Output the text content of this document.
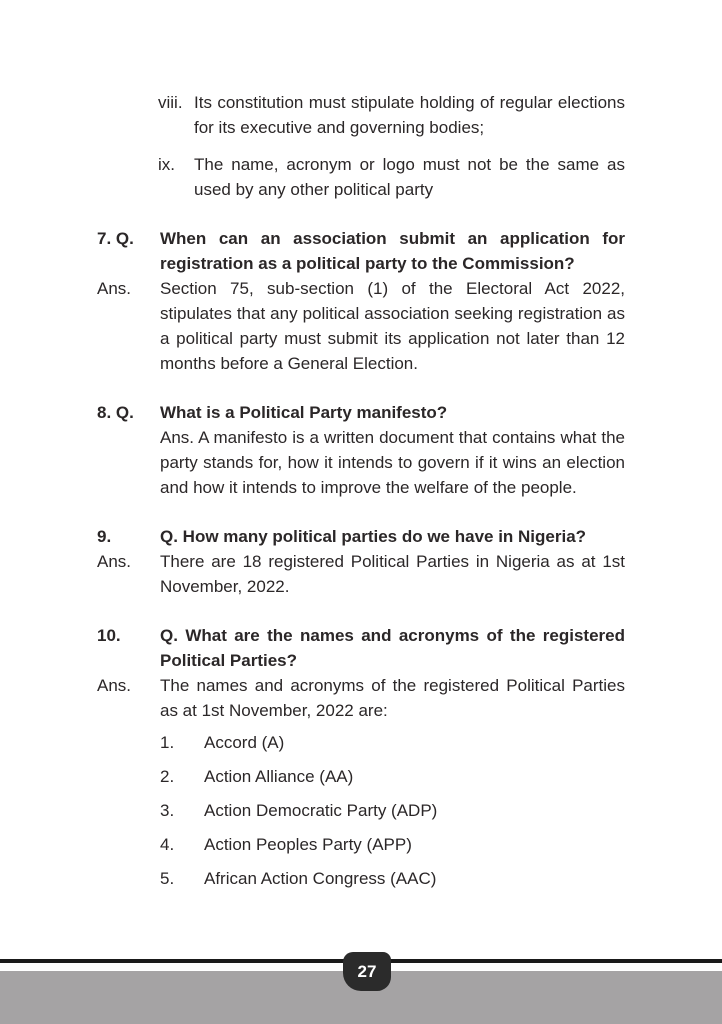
viii. Its constitution must stipulate holding of regular elections for its executive and governing bodies;
ix.	The name, acronym or logo must not be the same as used by any other political party
7. Q.	When can an association submit an application for registration as a political party to the Commission?
Ans.	Section 75, sub-section (1) of the Electoral Act 2022, stipulates that any political association seeking registration as a political party must submit its application not later than 12 months before a General Election.
8. Q.	What is a Political Party manifesto?
Ans. A manifesto is a written document that contains what the party stands for, how it intends to govern if it wins an election and how it intends to improve the welfare of the people.
9.	Q. How many political parties do we have in Nigeria?
Ans.	There are 18 registered Political Parties in Nigeria as at 1st November, 2022.
10.	Q. What are the names and acronyms of the registered Political Parties?
Ans.	The names and acronyms of the registered Political Parties as at 1st November, 2022 are:
1.	Accord (A)
2.	Action Alliance (AA)
3.	Action Democratic Party (ADP)
4.	Action Peoples Party (APP)
5.	African Action Congress (AAC)
27
